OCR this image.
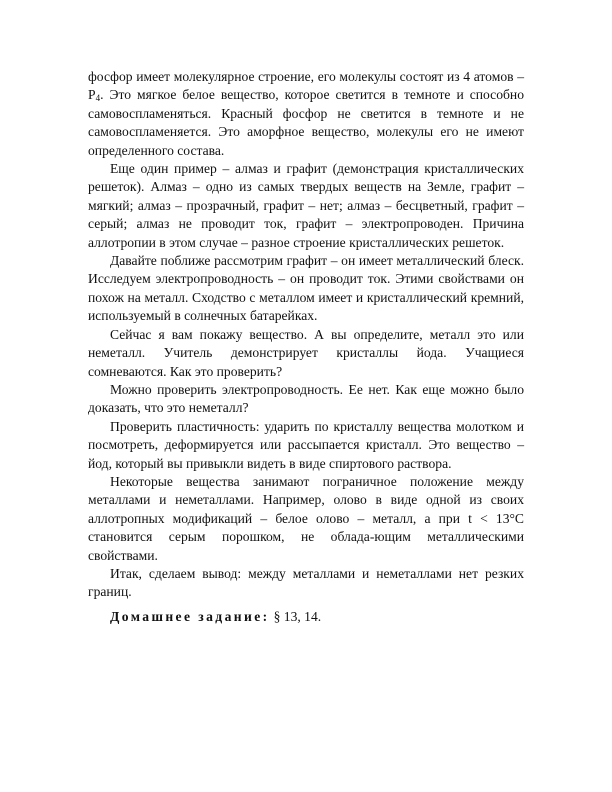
фосфор имеет молекулярное строение, его молекулы состоят из 4 атомов – $P_4$. Это мягкое белое вещество, которое светится в темноте и способно самовоспламеняться. Красный фосфор не светится в темноте и не самовоспламеняется. Это аморфное вещество, молекулы его не имеют определенного состава.

Еще один пример – алмаз и графит (демонстрация кристаллических решеток). Алмаз – одно из самых твердых веществ на Земле, графит – мягкий; алмаз – прозрачный, графит – нет; алмаз – бесцветный, графит – серый; алмаз не проводит ток, графит – электропроводен. Причина аллотропии в этом случае – разное строение кристаллических решеток.

Давайте поближе рассмотрим графит – он имеет металлический блеск. Исследуем электропроводность – он проводит ток. Этими свойствами он похож на металл. Сходство с металлом имеет и кристаллический кремний, используемый в солнечных батарейках.

Сейчас я вам покажу вещество. А вы определите, металл это или неметалл. Учитель демонстрирует кристаллы йода. Учащиеся сомневаются. Как это проверить?

Можно проверить электропроводность. Ее нет. Как еще можно было доказать, что это неметалл?

Проверить пластичность: ударить по кристаллу вещества молотком и посмотреть, деформируется или рассыпается кристалл. Это вещество – йод, который вы привыкли видеть в виде спиртового раствора.

Некоторые вещества занимают пограничное положение между металлами и неметаллами. Например, олово в виде одной из своих аллотропных модификаций – белое олово – металл, а при t < 13°С становится серым порошком, не облада-ющим металлическими свойствами.

Итак, сделаем вывод: между металлами и неметаллами нет резких границ.

Домашнее задание: § 13, 14.
